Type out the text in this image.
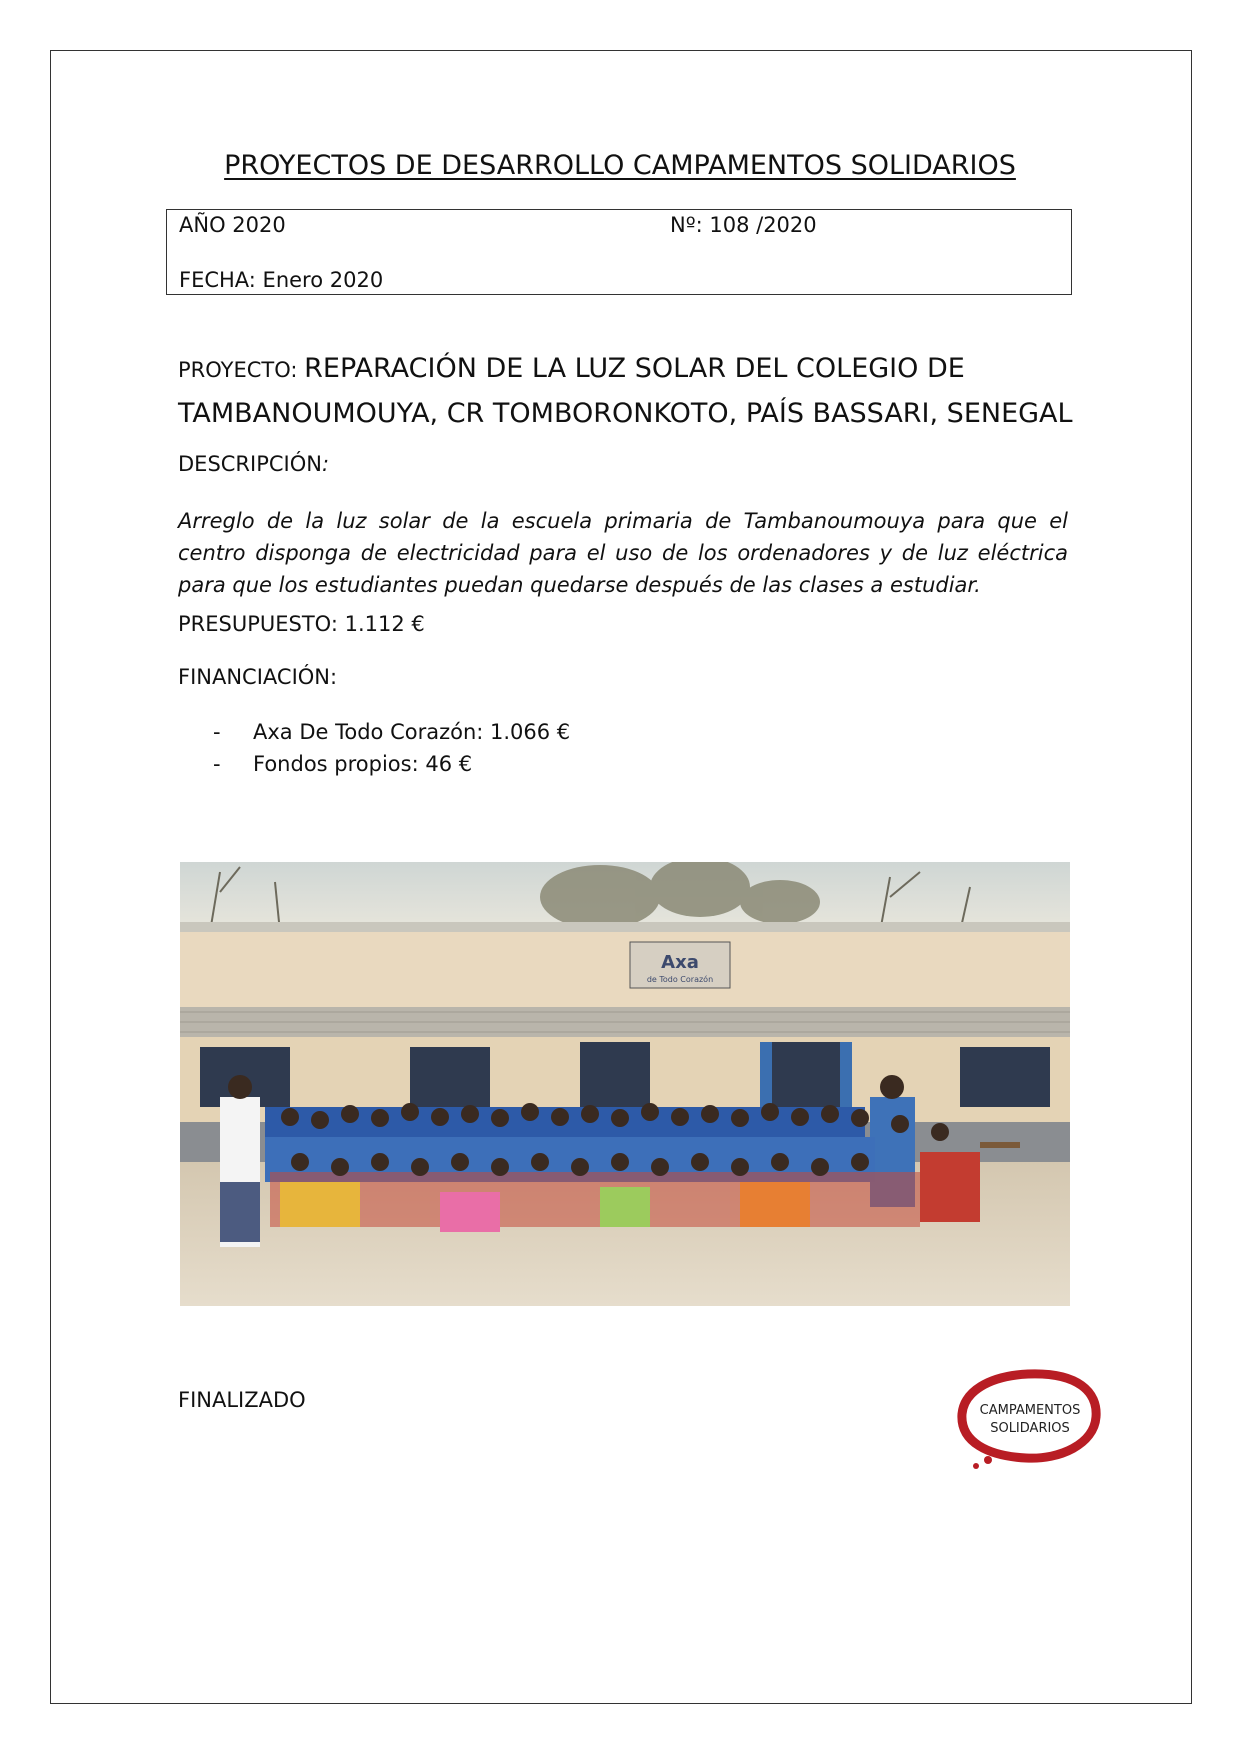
PROYECTOS DE DESARROLLO CAMPAMENTOS SOLIDARIOS
AÑO 2020	Nº: 108 /2020
FECHA: Enero 2020
PROYECTO: REPARACIÓN DE LA LUZ SOLAR DEL COLEGIO DE TAMBANOUMOUYA, CR TOMBORONKOTO, PAÍS BASSARI, SENEGAL
DESCRIPCIÓN:
Arreglo de la luz solar de la escuela primaria de Tambanoumouya para que el centro disponga de electricidad para el uso de los ordenadores y de luz eléctrica para que los estudiantes puedan quedarse después de las clases a estudiar.
PRESUPUESTO: 1.112 €
FINANCIACIÓN:
-	Axa De Todo Corazón: 1.066 €
-	Fondos propios: 46 €
Axa
de Todo Corazón
FINALIZADO	CAMPAMENTOS
SOLIDARIOS
